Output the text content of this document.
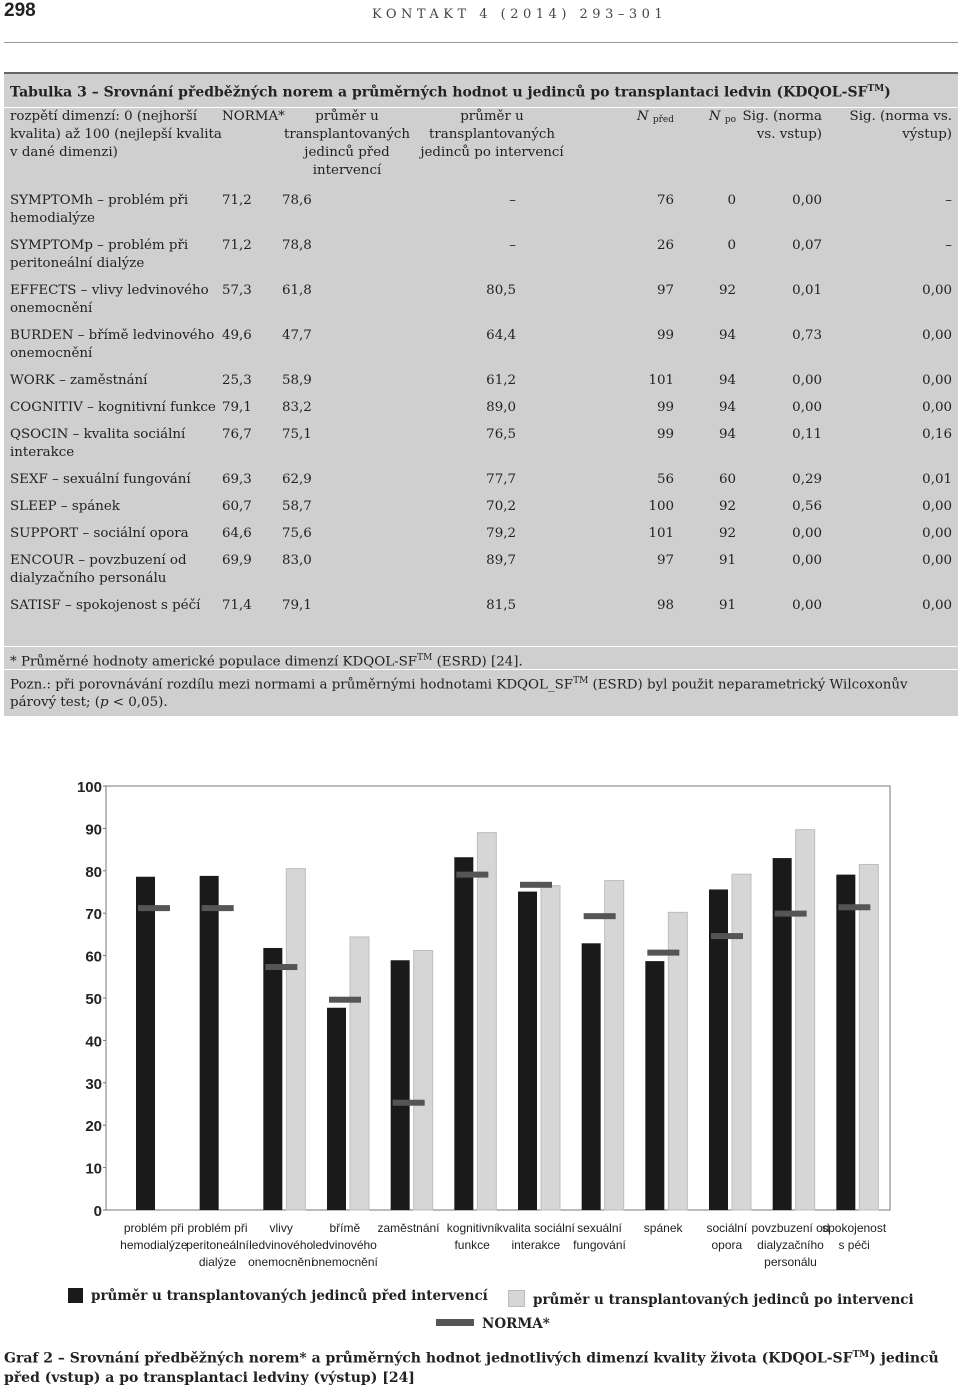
298	KONTAKT 4 (2014) 293–301
Tabulka 3 – Srovnání předběžných norem a průměrných hodnot u jedinců po transplantaci ledvin (KDQOL-SF™)
rozpětí dimenzí: 0 (nejhorší kvalita) až 100 (nejlepší kvalita v dané dimenzi)	NORMA*	průměr u transplantovaných jedinců před intervencí	průměr u transplantovaných jedinců po intervencí	N $_{před}$	N $_{po}$	Sig. (norma vs. vstup)	Sig. (norma vs. výstup)
SYMPTOMh – problém při hemodialýze	71,2	78,6	–	76	0	0,00	–
SYMPTOMp – problém při peritoneální dialýze	71,2	78,8	–	26	0	0,07	–
EFFECTS – vlivy ledvinového onemocnění	57,3	61,8	80,5	97	92	0,01	0,00
BURDEN – břímě ledvinového onemocnění	49,6	47,7	64,4	99	94	0,73	0,00
WORK – zaměstnání	25,3	58,9	61,2	101	94	0,00	0,00
COGNITIV – kognitivní funkce	79,1	83,2	89,0	99	94	0,00	0,00
QSOCIN – kvalita sociální interakce	76,7	75,1	76,5	99	94	0,11	0,16
SEXF – sexuální fungování	69,3	62,9	77,7	56	60	0,29	0,01
SLEEP – spánek	60,7	58,7	70,2	100	92	0,56	0,00
SUPPORT – sociální opora	64,6	75,6	79,2	101	92	0,00	0,00
ENCOUR – povzbuzení od dialyzačního personálu	69,9	83,0	89,7	97	91	0,00	0,00
SATISF – spokojenost s péčí	71,4	79,1	81,5	98	91	0,00	0,00
* Průměrné hodnoty americké populace dimenzí KDQOL-SF™ (ESRD) [24].
Pozn.: při porovnávání rozdílu mezi normami a průměrnými hodnotami KDQOL_SF™ (ESRD) byl použit neparametrický Wilcoxonův párový test; (p < 0,05).
0
10
20
30
40
50
60
70
80
90
100
průměr u transplantovaných jedinců před intervencí	průměr u transplantovaných jedinců po intervenci
NORMA*
Graf 2 – Srovnání předběžných norem* a průměrných hodnot jednotlivých dimenzí kvality života (KDQOL-SF™) jedinců před (vstup) a po transplantaci ledviny (výstup) [24]
problém při
hemodialýze
problém při
peritoneální
dialýze
vlivy
ledvinového
onemocnění
břímě
ledvinového
onemocnění
zaměstnání kognitivní
funkce
kvalita sociální
interakce
sexuální
fungování
spánek	sociální
opora
povzbuzení od
dialyzačního
personálu
spokojenost
s péči
